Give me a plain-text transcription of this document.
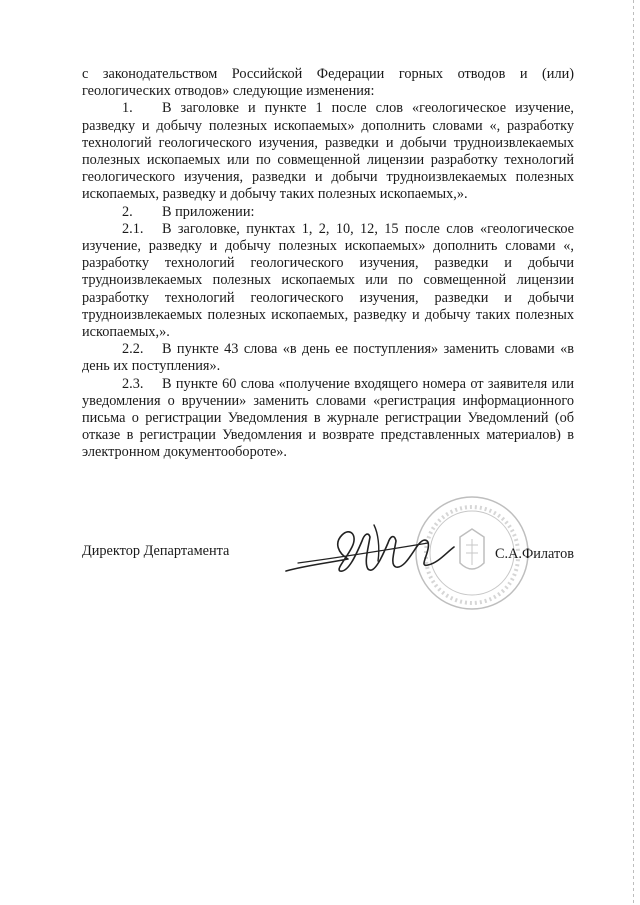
с законодательством Российской Федерации горных отводов и (или) геологических отводов» следующие изменения:

1. В заголовке и пункте 1 после слов «геологическое изучение, разведку и добычу полезных ископаемых» дополнить словами «, разработку технологий геологического изучения, разведки и добычи трудноизвлекаемых полезных ископаемых или по совмещенной лицензии разработку технологий геологического изучения, разведки и добычи трудноизвлекаемых полезных ископаемых, разведку и добычу таких полезных ископаемых,».

2. В приложении:

2.1. В заголовке, пунктах 1, 2, 10, 12, 15 после слов «геологическое изучение, разведку и добычу полезных ископаемых» дополнить словами «, разработку технологий геологического изучения, разведки и добычи трудноизвлекаемых полезных ископаемых или по совмещенной лицензии разработку технологий геологического изучения, разведки и добычи трудноизвлекаемых полезных ископаемых, разведку и добычу таких полезных ископаемых,».

2.2. В пункте 43 слова «в день ее поступления» заменить словами «в день их поступления».

2.3. В пункте 60 слова «получение входящего номера от заявителя или уведомления о вручении» заменить словами «регистрация информационного письма о регистрации Уведомления в журнале регистрации Уведомлений (об отказе в регистрации Уведомления и возврате представленных материалов) в электронном документообороте».

Директор Департамента	С.А.Филатов
